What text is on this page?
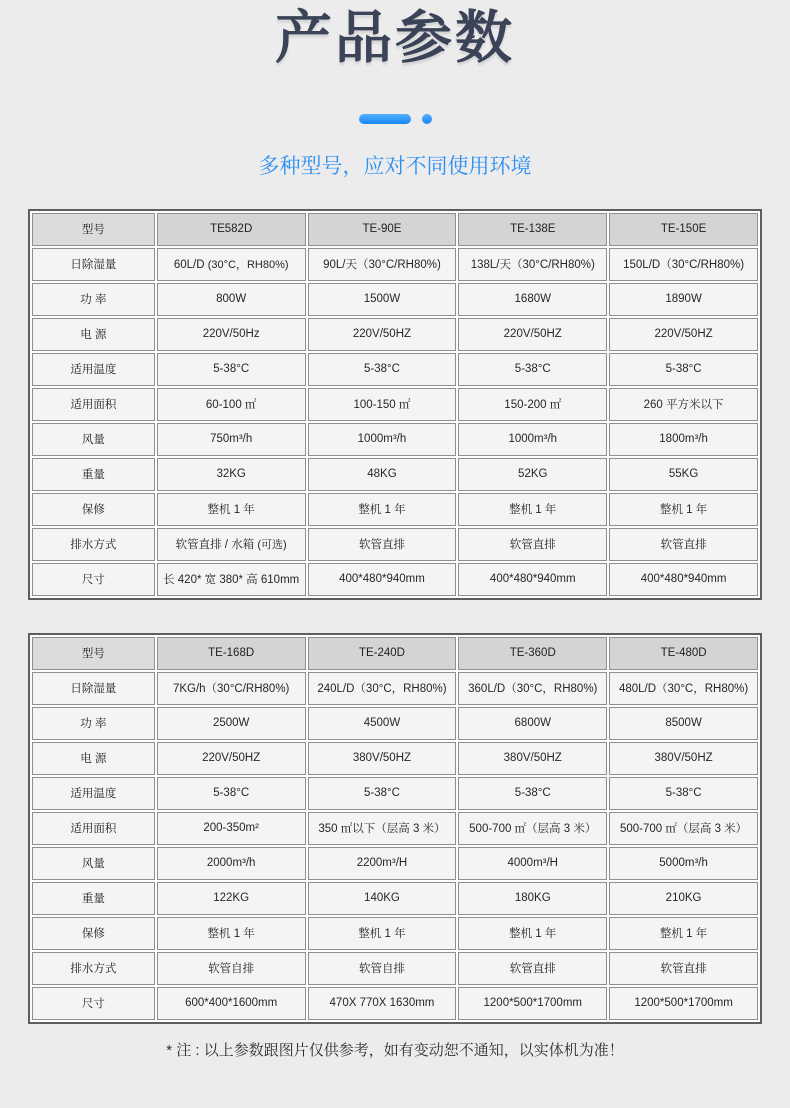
产品参数

多种型号，应对不同使用环境

型号	TE582D	TE-90E	TE-138E	TE-150E
日除湿量	60L/D (30°C，RH80%)	90L/天（30°C/RH80%)	138L/天（30°C/RH80%)	150L/D（30°C/RH80%)
功 率	800W	1500W	1680W	1890W
电 源	220V/50Hz	220V/50HZ	220V/50HZ	220V/50HZ
适用温度	5-38°C	5-38°C	5-38°C	5-38°C
适用面积	60-100 ㎡	100-150 ㎡	150-200 ㎡	260 平方米以下
风量	750m³/h	1000m³/h	1000m³/h	1800m³/h
重量	32KG	48KG	52KG	55KG
保修	整机 1 年	整机 1 年	整机 1 年	整机 1 年
排水方式	软管直排 / 水箱 (可选)	软管直排	软管直排	软管直排
尺寸	长 420* 宽 380* 高 610mm	400*480*940mm	400*480*940mm	400*480*940mm
型号	TE-168D	TE-240D	TE-360D	TE-480D
日除湿量	7KG/h（30°C/RH80%)	240L/D（30°C，RH80%)	360L/D（30°C，RH80%)	480L/D（30°C，RH80%)
功 率	2500W	4500W	6800W	8500W
电 源	220V/50HZ	380V/50HZ	380V/50HZ	380V/50HZ
适用温度	5-38°C	5-38°C	5-38°C	5-38°C
适用面积	200-350m²	350 ㎡以下（层高 3 米）	500-700 ㎡（层高 3 米）	500-700 ㎡（层高 3 米）
风量	2000m³/h	2200m³/H	4000m³/H	5000m³/h
重量	122KG	140KG	180KG	210KG
保修	整机 1 年	整机 1 年	整机 1 年	整机 1 年
排水方式	软管自排	软管自排	软管直排	软管直排
尺寸	600*400*1600mm	470X 770X 1630mm	1200*500*1700mm	1200*500*1700mm

* 注 : 以上参数跟图片仅供参考，如有变动恕不通知，以实体机为准！
